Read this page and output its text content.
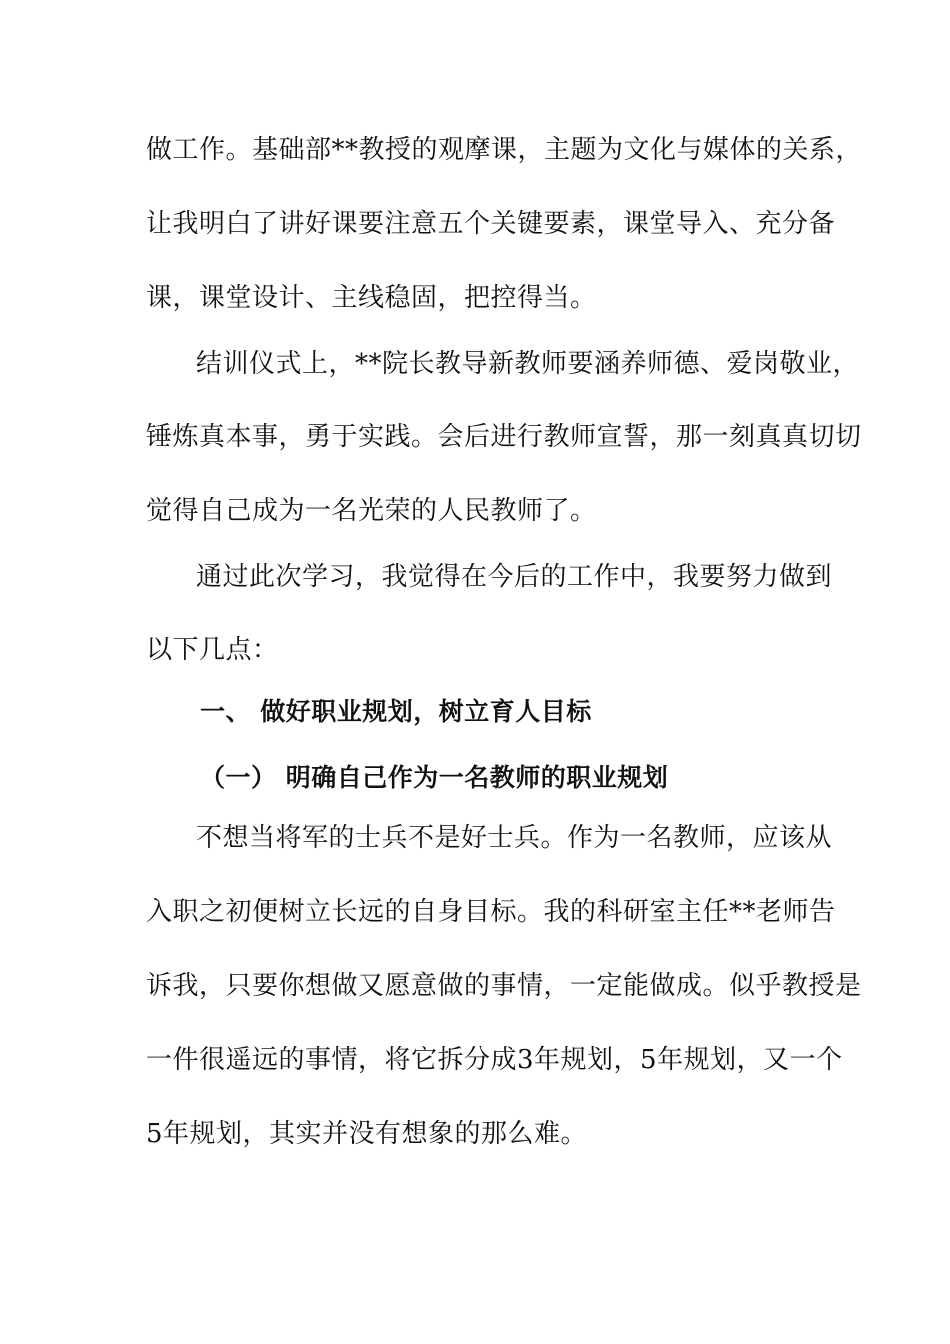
做工作。基础部**教授的观摩课，主题为文化与媒体的关系，
让我明白了讲好课要注意五个关键要素，课堂导入、充分备
课，课堂设计、主线稳固，把控得当。
结训仪式上，**院长教导新教师要涵养师德、爱岗敬业，
锤炼真本事，勇于实践。会后进行教师宣誓，那一刻真真切切
觉得自己成为一名光荣的人民教师了。
通过此次学习，我觉得在今后的工作中，我要努力做到
以下几点：
一、 做好职业规划，树立育人目标
（一） 明确自己作为一名教师的职业规划
不想当将军的士兵不是好士兵。作为一名教师，应该从
入职之初便树立长远的自身目标。我的科研室主任**老师告
诉我，只要你想做又愿意做的事情，一定能做成。似乎教授是
一件很遥远的事情，将它拆分成3年规划，5年规划，又一个
5年规划，其实并没有想象的那么难。
